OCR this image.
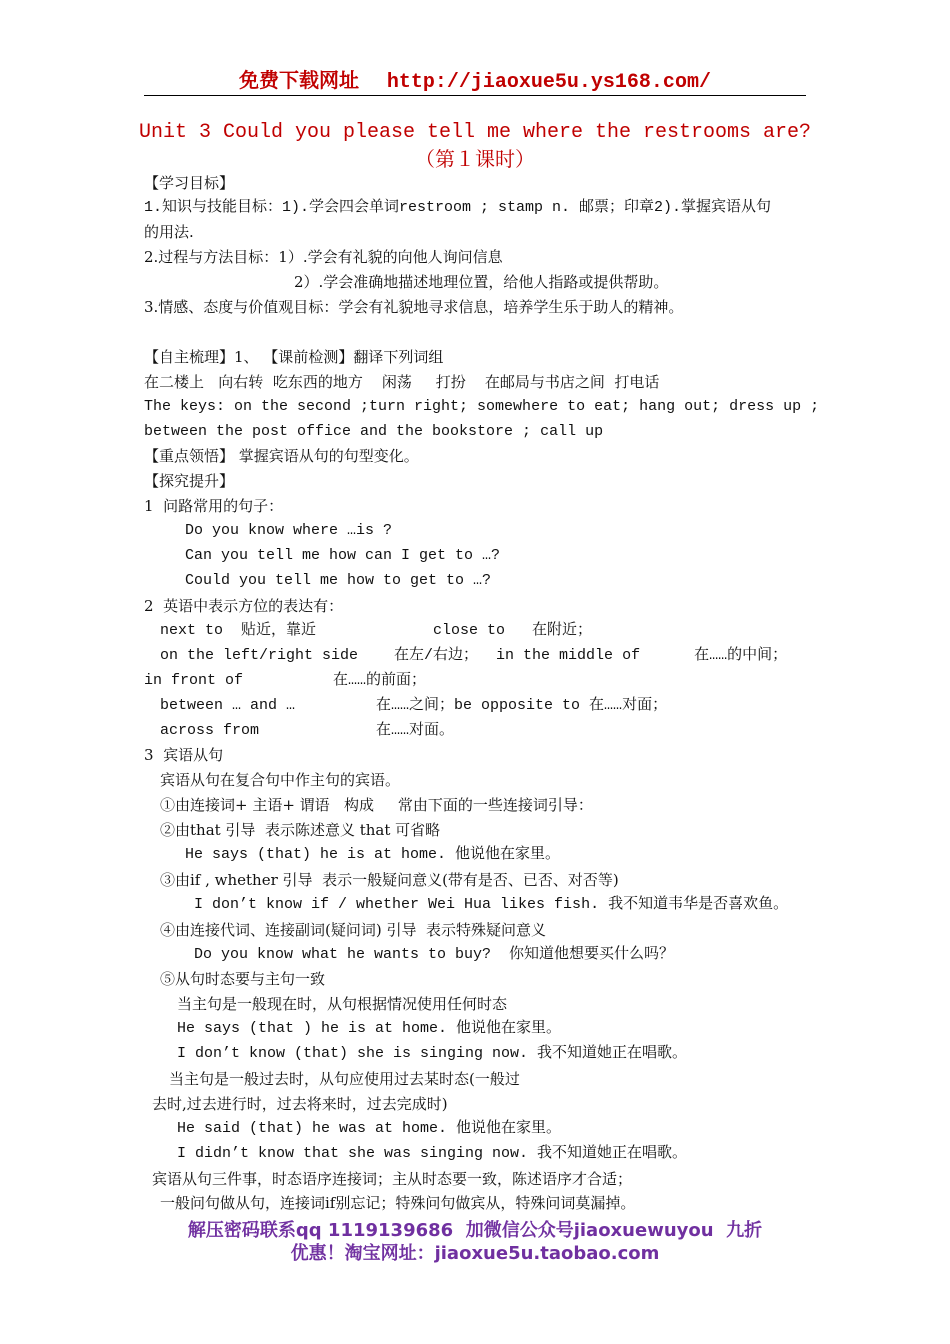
免费下载网址 http://jiaoxue5u.ys168.com/
Unit 3 Could you please tell me where the restrooms are?
（第１课时）
【学习目标】
1.知识与技能目标：1).学会四会单词restroom ; stamp n. 邮票；印章2).掌握宾语从句
的用法.
2.过程与方法目标：1）.学会有礼貌的向他人询问信息
2）.学会准确地描述地理位置，给他人指路或提供帮助。
3.情感、态度与价值观目标：学会有礼貌地寻求信息，培养学生乐于助人的精神。
【自主梳理】1、 【课前检测】翻译下列词组
在二楼上   向右转  吃东西的地方    闲荡     打扮    在邮局与书店之间  打电话
The keys: on the second ;turn right; somewhere to eat; hang out; dress up ;
between the post office and the bookstore ; call up
【重点领悟】 掌握宾语从句的句型变化。
【探究提升】
1  问路常用的句子：
Do you know where …is ?
Can you tell me how can I get to …?
Could you tell me how to get to …?
2  英语中表示方位的表达有：
next to  贴近，靠近             close to   在附近；
on the left/right side    在左/右边；  in the middle of      在……的中间；
in front of          在……的前面；
between … and …         在……之间；be opposite to 在……对面；
across from             在……对面。
3  宾语从句
宾语从句在复合句中作主句的宾语。
①由连接词+ 主语+ 谓语   构成     常由下面的一些连接词引导：
②由that 引导  表示陈述意义 that 可省略
He says (that) he is at home. 他说他在家里。
③由if , whether 引导  表示一般疑问意义(带有是否、已否、对否等)
I don’t know if / whether Wei Hua likes fish. 我不知道韦华是否喜欢鱼。
④由连接代词、连接副词(疑问词) 引导  表示特殊疑问意义
Do you know what he wants to buy?  你知道他想要买什么吗？
⑤从句时态要与主句一致
当主句是一般现在时，从句根据情况使用任何时态
He says (that ) he is at home. 他说他在家里。
I don’t know (that) she is singing now. 我不知道她正在唱歌。
当主句是一般过去时，从句应使用过去某时态(一般过
去时,过去进行时，过去将来时，过去完成时)
He said (that) he was at home. 他说他在家里。
I didn’t know that she was singing now. 我不知道她正在唱歌。
宾语从句三件事，时态语序连接词；主从时态要一致，陈述语序才合适；
一般问句做从句，连接词if别忘记；特殊问句做宾从，特殊问词莫漏掉。
解压密码联系qq 1119139686  加微信公众号jiaoxuewuyou  九折
优惠！淘宝网址：jiaoxue5u.taobao.com
